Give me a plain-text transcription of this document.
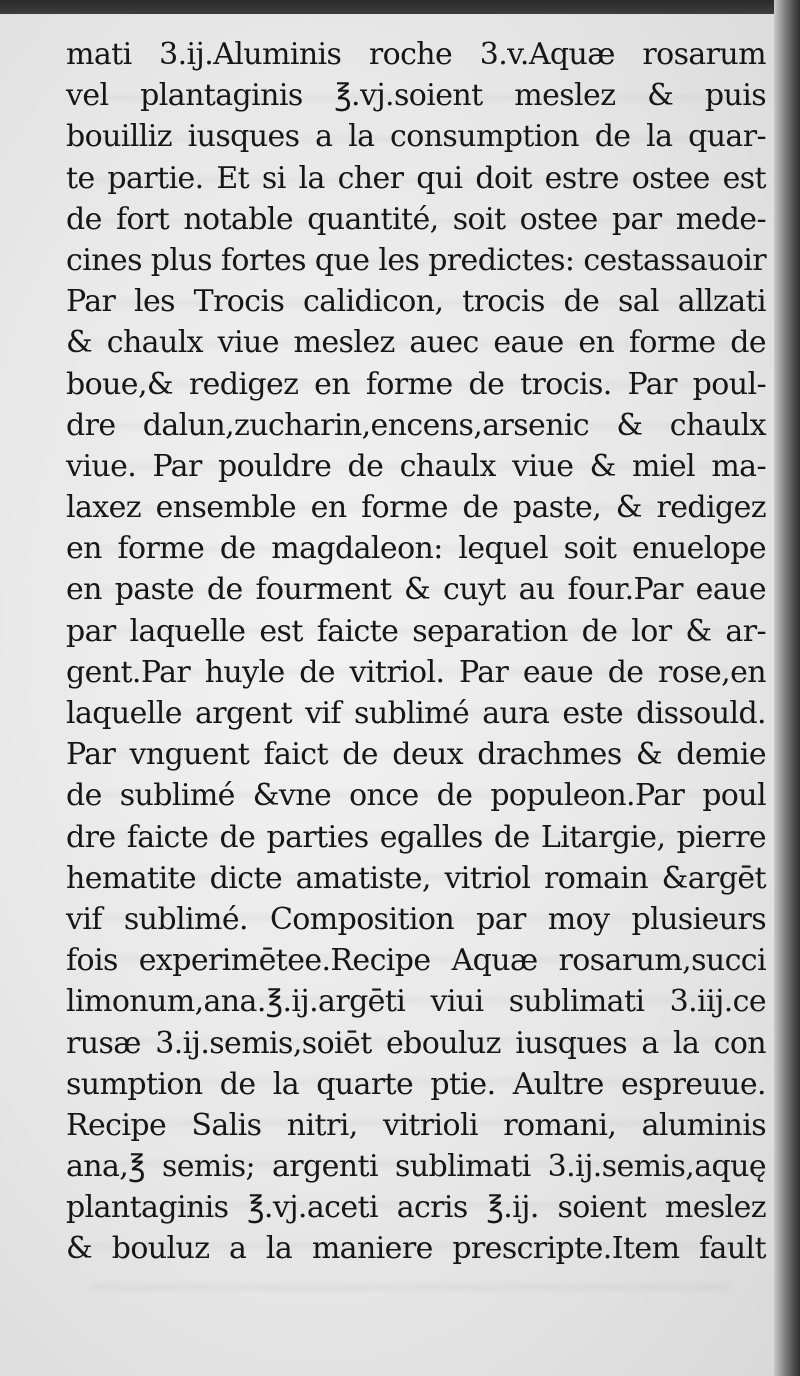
mati 3.ij.Aluminis roche 3.v.Aquæ rosarum
vel plantaginis ℥.vj.soient meslez & puis
bouilliz iusques a la consumption de la quar-
te partie. Et si la cher qui doit estre ostee est
de fort notable quantité, soit ostee par mede-
cines plus fortes que les predictes: cestassauoir
Par les Trocis calidicon, trocis de sal allzati
& chaulx viue meslez auec eaue en forme de
boue,& redigez en forme de trocis. Par poul-
dre dalun,zucharin,encens,arsenic & chaulx
viue. Par pouldre de chaulx viue & miel ma-
laxez ensemble en forme de paste, & redigez
en forme de magdaleon: lequel soit enuelope
en paste de fourment & cuyt au four.Par eaue
par laquelle est faicte separation de lor & ar-
gent.Par huyle de vitriol. Par eaue de rose,en
laquelle argent vif sublimé aura este dissould.
Par vnguent faict de deux drachmes & demie
de sublimé &vne once de populeon.Par poul
dre faicte de parties egalles de Litargie, pierre
hematite dicte amatiste, vitriol romain &argēt
vif sublimé. Composition par moy plusieurs
fois experimētee.Recipe Aquæ rosarum,succi
limonum,ana.℥.ij.argēti viui sublimati 3.iij.ce
rusæ 3.ij.semis,soiēt ebouluz iusques a la con
sumption de la quarte ptie. Aultre espreuue.
Recipe Salis nitri, vitrioli romani, aluminis
ana,℥ semis; argenti sublimati 3.ij.semis,aquę
plantaginis ℥.vj.aceti acris ℥.ij. soient meslez
& bouluz a la maniere prescripte.Item fault
